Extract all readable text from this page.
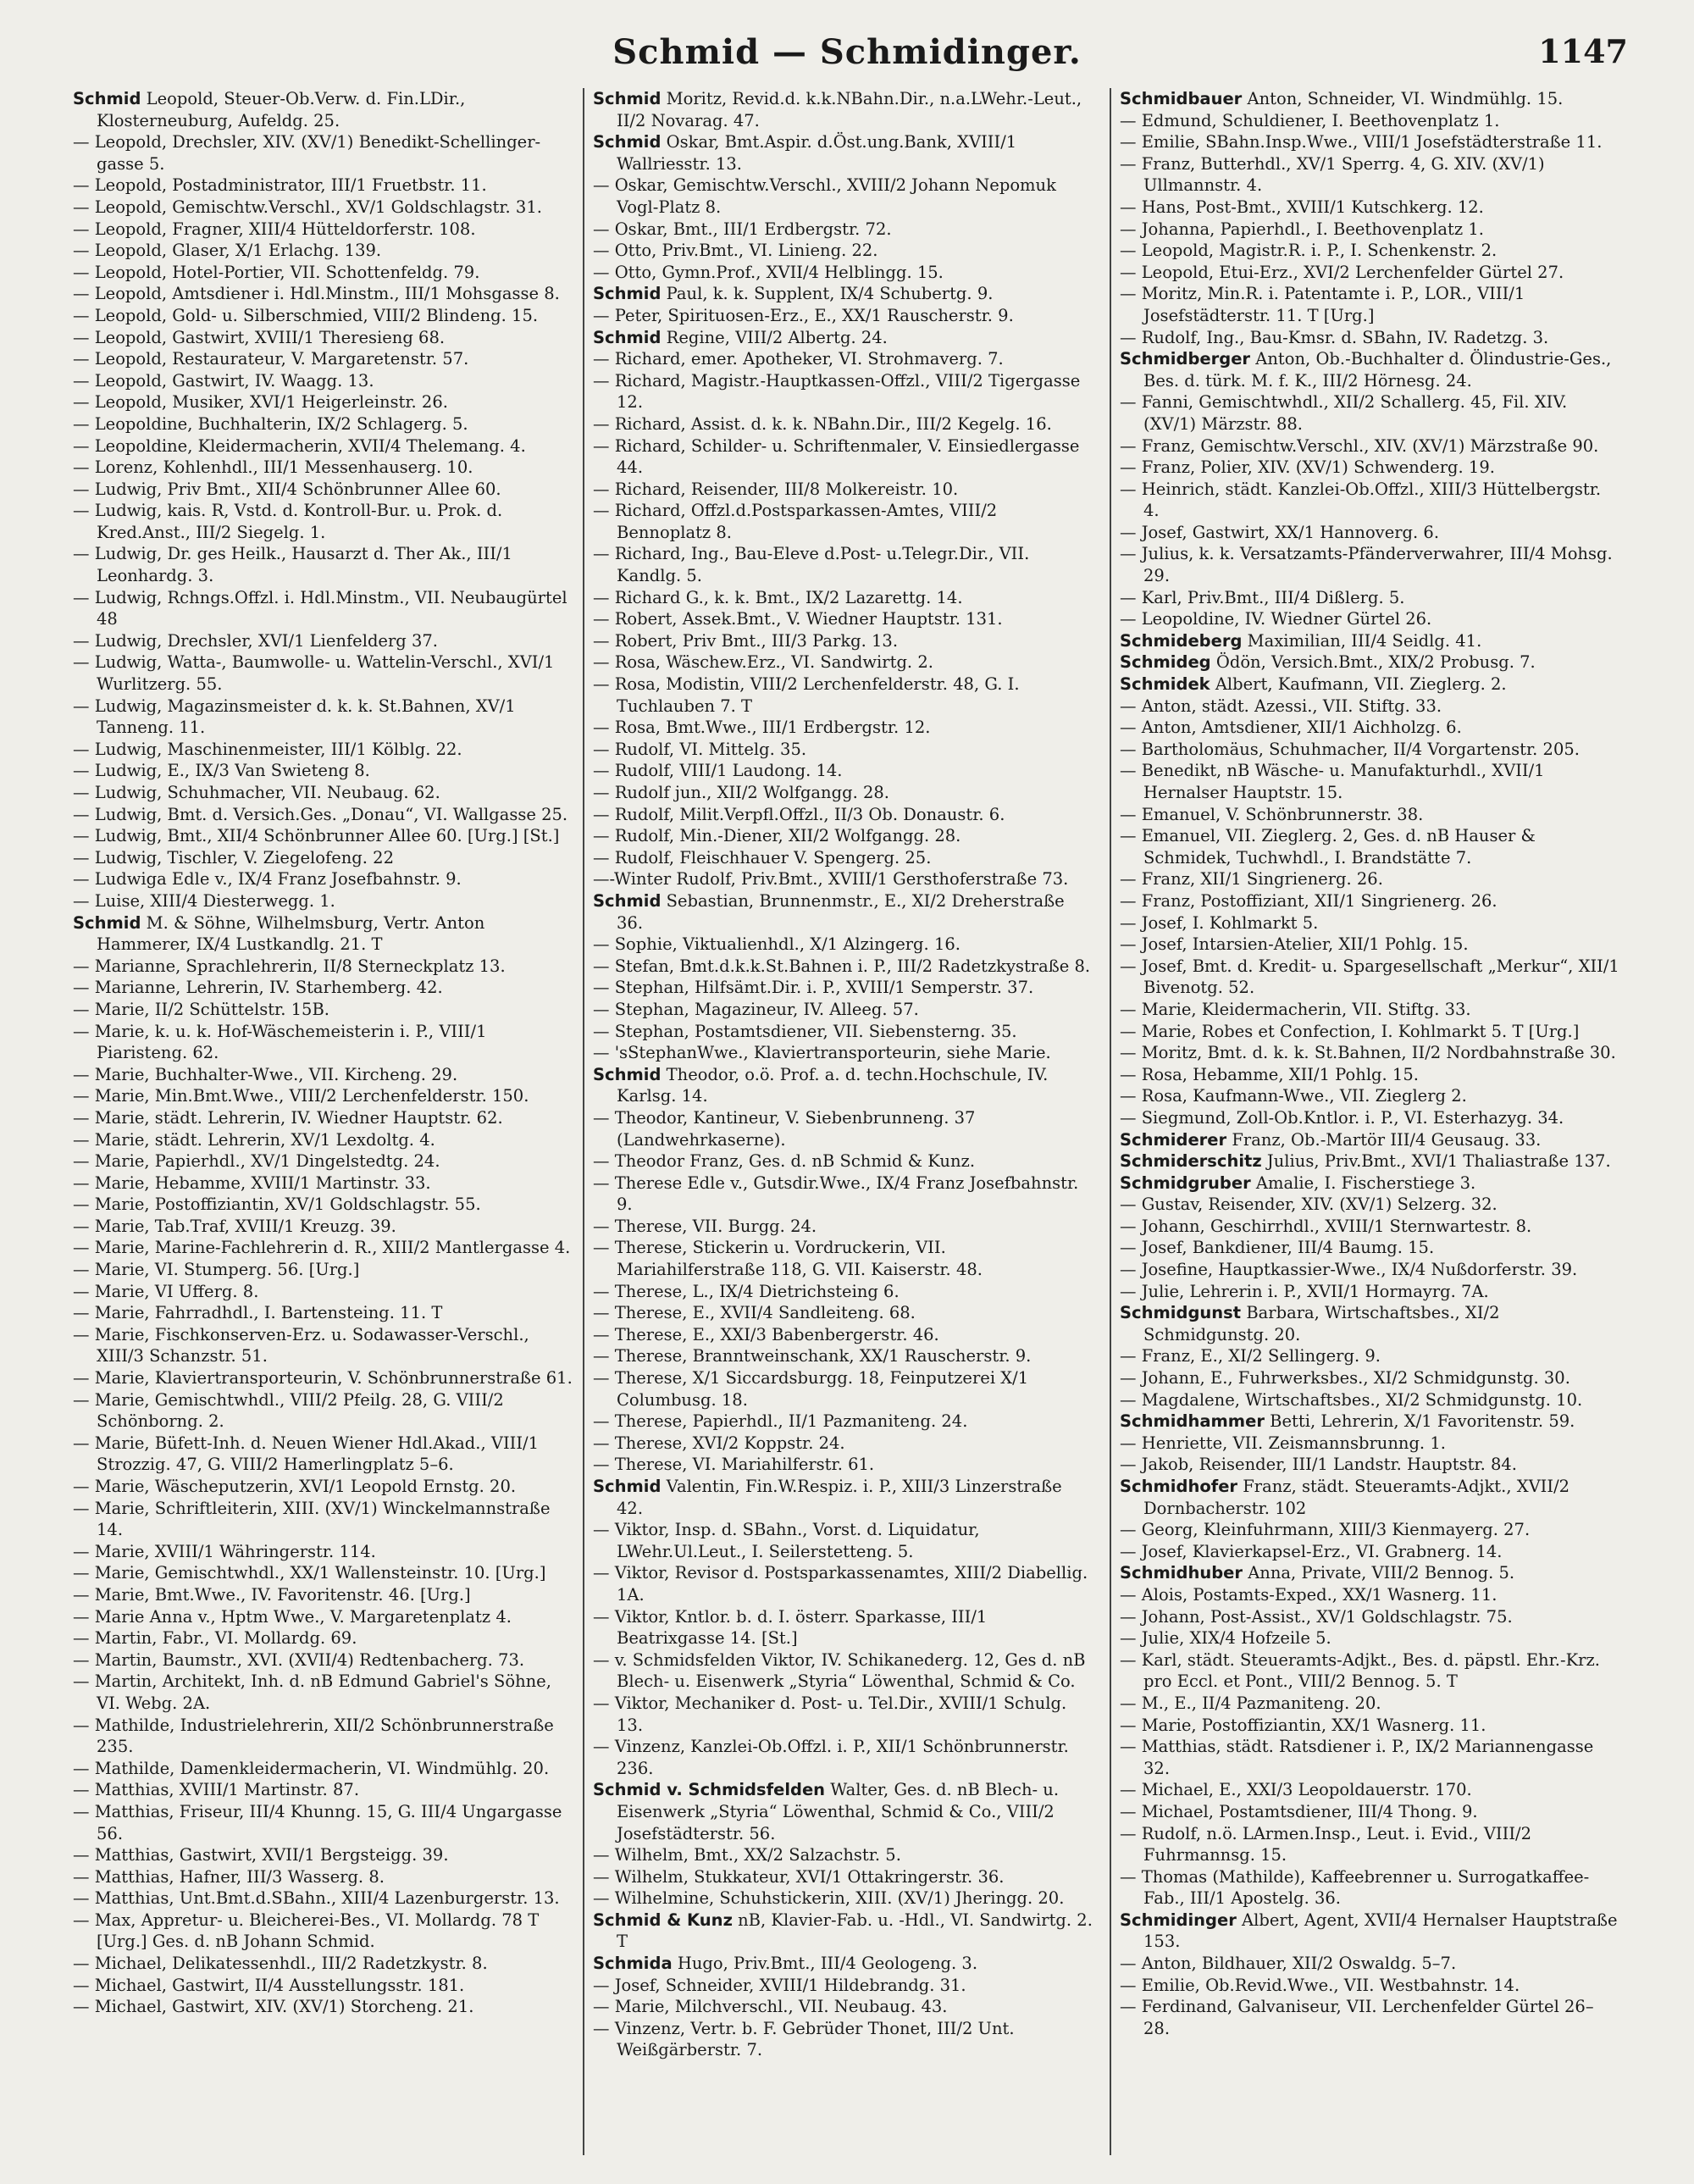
Schmid — Schmidinger.	1147

Schmid Leopold, Steuer-Ob.Verw. d. Fin.LDir., Klosterneuburg, Aufeldg. 25.

— Leopold, Drechsler, XIV. (XV/1) Benedikt-Schellinger-gasse 5.

— Leopold, Postadministrator, III/1 Fruetbstr. 11.

— Leopold, Gemischtw.Verschl., XV/1 Goldschlagstr. 31.

— Leopold, Fragner, XIII/4 Hütteldorferstr. 108.

— Leopold, Glaser, X/1 Erlachg. 139.

— Leopold, Hotel-Portier, VII. Schottenfeldg. 79.

— Leopold, Amtsdiener i. Hdl.Minstm., III/1 Mohsgasse 8.

— Leopold, Gold- u. Silberschmied, VIII/2 Blindeng. 15.

— Leopold, Gastwirt, XVIII/1 Theresieng 68.

— Leopold, Restaurateur, V. Margaretenstr. 57.

— Leopold, Gastwirt, IV. Waagg. 13.

— Leopold, Musiker, XVI/1 Heigerleinstr. 26.

— Leopoldine, Buchhalterin, IX/2 Schlagerg. 5.

— Leopoldine, Kleidermacherin, XVII/4 Thelemang. 4.

— Lorenz, Kohlenhdl., III/1 Messenhauserg. 10.

— Ludwig, Priv Bmt., XII/4 Schönbrunner Allee 60.

— Ludwig, kais. R, Vstd. d. Kontroll-Bur. u. Prok. d. Kred.Anst., III/2 Siegelg. 1.

— Ludwig, Dr. ges Heilk., Hausarzt d. Ther Ak., III/1 Leonhardg. 3.

— Ludwig, Rchngs.Offzl. i. Hdl.Minstm., VII. Neubaugürtel 48

— Ludwig, Drechsler, XVI/1 Lienfelderg 37.

— Ludwig, Watta-, Baumwolle- u. Wattelin-Verschl., XVI/1 Wurlitzerg. 55.

— Ludwig, Magazinsmeister d. k. k. St.Bahnen, XV/1 Tanneng. 11.

— Ludwig, Maschinenmeister, III/1 Kölblg. 22.

— Ludwig, E., IX/3 Van Swieteng 8.

— Ludwig, Schuhmacher, VII. Neubaug. 62.

— Ludwig, Bmt. d. Versich.Ges. „Donau“, VI. Wallgasse 25.

— Ludwig, Bmt., XII/4 Schönbrunner Allee 60. [Urg.] [St.]

— Ludwig, Tischler, V. Ziegelofeng. 22

— Ludwiga Edle v., IX/4 Franz Josefbahnstr. 9.

— Luise, XIII/4 Diesterwegg. 1.

Schmid M. & Söhne, Wilhelmsburg, Vertr. Anton Hammerer, IX/4 Lustkandlg. 21. T

— Marianne, Sprachlehrerin, II/8 Sterneckplatz 13.

— Marianne, Lehrerin, IV. Starhemberg. 42.

— Marie, II/2 Schüttelstr. 15B.

— Marie, k. u. k. Hof-Wäschemeisterin i. P., VIII/1 Piaristeng. 62.

— Marie, Buchhalter-Wwe., VII. Kircheng. 29.

— Marie, Min.Bmt.Wwe., VIII/2 Lerchenfelderstr. 150.

— Marie, städt. Lehrerin, IV. Wiedner Hauptstr. 62.

— Marie, städt. Lehrerin, XV/1 Lexdoltg. 4.

— Marie, Papierhdl., XV/1 Dingelstedtg. 24.

— Marie, Hebamme, XVIII/1 Martinstr. 33.

— Marie, Postoffiziantin, XV/1 Goldschlagstr. 55.

— Marie, Tab.Traf, XVIII/1 Kreuzg. 39.

— Marie, Marine-Fachlehrerin d. R., XIII/2 Mantlergasse 4.

— Marie, VI. Stumperg. 56. [Urg.]

— Marie, VI Ufferg. 8.

— Marie, Fahrradhdl., I. Bartensteing. 11. T

— Marie, Fischkonserven-Erz. u. Sodawasser-Verschl., XIII/3 Schanzstr. 51.

— Marie, Klaviertransporteurin, V. Schönbrunnerstraße 61.

— Marie, Gemischtwhdl., VIII/2 Pfeilg. 28, G. VIII/2 Schönborng. 2.

— Marie, Büfett-Inh. d. Neuen Wiener Hdl.Akad., VIII/1 Strozzig. 47, G. VIII/2 Hamerlingplatz 5–6.

— Marie, Wäscheputzerin, XVI/1 Leopold Ernstg. 20.

— Marie, Schriftleiterin, XIII. (XV/1) Winckelmannstraße 14.

— Marie, XVIII/1 Währingerstr. 114.

— Marie, Gemischtwhdl., XX/1 Wallensteinstr. 10. [Urg.]

— Marie, Bmt.Wwe., IV. Favoritenstr. 46. [Urg.]

— Marie Anna v., Hptm Wwe., V. Margaretenplatz 4.

— Martin, Fabr., VI. Mollardg. 69.

— Martin, Baumstr., XVI. (XVII/4) Redtenbacherg. 73.

— Martin, Architekt, Inh. d. nB Edmund Gabriel's Söhne, VI. Webg. 2A.

— Mathilde, Industrielehrerin, XII/2 Schönbrunnerstraße 235.

— Mathilde, Damenkleidermacherin, VI. Windmühlg. 20.

— Matthias, XVIII/1 Martinstr. 87.

— Matthias, Friseur, III/4 Khunng. 15, G. III/4 Ungargasse 56.

— Matthias, Gastwirt, XVII/1 Bergsteigg. 39.

— Matthias, Hafner, III/3 Wasserg. 8.

— Matthias, Unt.Bmt.d.SBahn., XIII/4 Lazenburgerstr. 13.

— Max, Appretur- u. Bleicherei-Bes., VI. Mollardg. 78 T [Urg.] Ges. d. nB Johann Schmid.

— Michael, Delikatessenhdl., III/2 Radetzkystr. 8.

— Michael, Gastwirt, II/4 Ausstellungsstr. 181.

— Michael, Gastwirt, XIV. (XV/1) Storcheng. 21.

Schmid Moritz, Revid.d. k.k.NBahn.Dir., n.a.LWehr.-Leut., II/2 Novarag. 47.

Schmid Oskar, Bmt.Aspir. d.Öst.ung.Bank, XVIII/1 Wallriesstr. 13.

— Oskar, Gemischtw.Verschl., XVIII/2 Johann Nepomuk Vogl-Platz 8.

— Oskar, Bmt., III/1 Erdbergstr. 72.

— Otto, Priv.Bmt., VI. Linieng. 22.

— Otto, Gymn.Prof., XVII/4 Helblingg. 15.

Schmid Paul, k. k. Supplent, IX/4 Schubertg. 9.

— Peter, Spirituosen-Erz., E., XX/1 Rauscherstr. 9.

Schmid Regine, VIII/2 Albertg. 24.

— Richard, emer. Apotheker, VI. Strohmaverg. 7.

— Richard, Magistr.-Hauptkassen-Offzl., VIII/2 Tigergasse 12.

— Richard, Assist. d. k. k. NBahn.Dir., III/2 Kegelg. 16.

— Richard, Schilder- u. Schriftenmaler, V. Einsiedlergasse 44.

— Richard, Reisender, III/8 Molkereistr. 10.

— Richard, Offzl.d.Postsparkassen-Amtes, VIII/2 Bennoplatz 8.

— Richard, Ing., Bau-Eleve d.Post- u.Telegr.Dir., VII. Kandlg. 5.

— Richard G., k. k. Bmt., IX/2 Lazarettg. 14.

— Robert, Assek.Bmt., V. Wiedner Hauptstr. 131.

— Robert, Priv Bmt., III/3 Parkg. 13.

— Rosa, Wäschew.Erz., VI. Sandwirtg. 2.

— Rosa, Modistin, VIII/2 Lerchenfelderstr. 48, G. I. Tuchlauben 7. T

— Rosa, Bmt.Wwe., III/1 Erdbergstr. 12.

— Rudolf, VI. Mittelg. 35.

— Rudolf, VIII/1 Laudong. 14.

— Rudolf jun., XII/2 Wolfgangg. 28.

— Rudolf, Milit.Verpfl.Offzl., II/3 Ob. Donaustr. 6.

— Rudolf, Min.-Diener, XII/2 Wolfgangg. 28.

— Rudolf, Fleischhauer V. Spengerg. 25.

—-Winter Rudolf, Priv.Bmt., XVIII/1 Gersthoferstraße 73.

Schmid Sebastian, Brunnenmstr., E., XI/2 Dreherstraße 36.

— Sophie, Viktualienhdl., X/1 Alzingerg. 16.

— Stefan, Bmt.d.k.k.St.Bahnen i. P., III/2 Radetzkystraße 8.

— Stephan, Hilfsämt.Dir. i. P., XVIII/1 Semperstr. 37.

— Stephan, Magazineur, IV. Alleeg. 57.

— Stephan, Postamtsdiener, VII. Siebensterng. 35.

— 'sStephanWwe., Klaviertransporteurin, siehe Marie.

Schmid Theodor, o.ö. Prof. a. d. techn.Hochschule, IV. Karlsg. 14.

— Theodor, Kantineur, V. Siebenbrunneng. 37 (Landwehrkaserne).

— Theodor Franz, Ges. d. nB Schmid & Kunz.

— Therese Edle v., Gutsdir.Wwe., IX/4 Franz Josefbahnstr. 9.

— Therese, VII. Burgg. 24.

— Therese, Stickerin u. Vordruckerin, VII. Mariahilferstraße 118, G. VII. Kaiserstr. 48.

— Therese, L., IX/4 Dietrichsteing 6.

— Therese, E., XVII/4 Sandleiteng. 68.

— Therese, E., XXI/3 Babenbergerstr. 46.

— Therese, Branntweinschank, XX/1 Rauscherstr. 9.

— Therese, X/1 Siccardsburgg. 18, Feinputzerei X/1 Columbusg. 18.

— Therese, Papierhdl., II/1 Pazmaniteng. 24.

— Therese, XVI/2 Koppstr. 24.

— Therese, VI. Mariahilferstr. 61.

Schmid Valentin, Fin.W.Respiz. i. P., XIII/3 Linzerstraße 42.

— Viktor, Insp. d. SBahn., Vorst. d. Liquidatur, LWehr.Ul.Leut., I. Seilerstetteng. 5.

— Viktor, Revisor d. Postsparkassenamtes, XIII/2 Diabellig. 1A.

— Viktor, Kntlor. b. d. I. österr. Sparkasse, III/1 Beatrixgasse 14. [St.]

— v. Schmidsfelden Viktor, IV. Schikanederg. 12, Ges d. nB Blech- u. Eisenwerk „Styria“ Löwenthal, Schmid & Co.

— Viktor, Mechaniker d. Post- u. Tel.Dir., XVIII/1 Schulg. 13.

— Vinzenz, Kanzlei-Ob.Offzl. i. P., XII/1 Schönbrunnerstr. 236.

Schmid v. Schmidsfelden Walter, Ges. d. nB Blech- u. Eisenwerk „Styria“ Löwenthal, Schmid & Co., VIII/2 Josefstädterstr. 56.

— Wilhelm, Bmt., XX/2 Salzachstr. 5.

— Wilhelm, Stukkateur, XVI/1 Ottakringerstr. 36.

— Wilhelmine, Schuhstickerin, XIII. (XV/1) Jheringg. 20.

Schmid & Kunz nB, Klavier-Fab. u. -Hdl., VI. Sandwirtg. 2. T

Schmida Hugo, Priv.Bmt., III/4 Geologeng. 3.

— Josef, Schneider, XVIII/1 Hildebrandg. 31.

— Marie, Milchverschl., VII. Neubaug. 43.

— Vinzenz, Vertr. b. F. Gebrüder Thonet, III/2 Unt. Weißgärberstr. 7.

Schmidbauer Anton, Schneider, VI. Windmühlg. 15.

— Edmund, Schuldiener, I. Beethovenplatz 1.

— Emilie, SBahn.Insp.Wwe., VIII/1 Josefstädterstraße 11.

— Franz, Butterhdl., XV/1 Sperrg. 4, G. XIV. (XV/1) Ullmannstr. 4.

— Hans, Post-Bmt., XVIII/1 Kutschkerg. 12.

— Johanna, Papierhdl., I. Beethovenplatz 1.

— Leopold, Magistr.R. i. P., I. Schenkenstr. 2.

— Leopold, Etui-Erz., XVI/2 Lerchenfelder Gürtel 27.

— Moritz, Min.R. i. Patentamte i. P., LOR., VIII/1 Josefstädterstr. 11. T [Urg.]

— Rudolf, Ing., Bau-Kmsr. d. SBahn, IV. Radetzg. 3.

Schmidberger Anton, Ob.-Buchhalter d. Ölindustrie-Ges., Bes. d. türk. M. f. K., III/2 Hörnesg. 24.

— Fanni, Gemischtwhdl., XII/2 Schallerg. 45, Fil. XIV. (XV/1) Märzstr. 88.

— Franz, Gemischtw.Verschl., XIV. (XV/1) Märzstraße 90.

— Franz, Polier, XIV. (XV/1) Schwenderg. 19.

— Heinrich, städt. Kanzlei-Ob.Offzl., XIII/3 Hüttelbergstr. 4.

— Josef, Gastwirt, XX/1 Hannoverg. 6.

— Julius, k. k. Versatzamts-Pfänderverwahrer, III/4 Mohsg. 29.

— Karl, Priv.Bmt., III/4 Dißlerg. 5.

— Leopoldine, IV. Wiedner Gürtel 26.

Schmideberg Maximilian, III/4 Seidlg. 41.

Schmideg Ödön, Versich.Bmt., XIX/2 Probusg. 7.

Schmidek Albert, Kaufmann, VII. Zieglerg. 2.

— Anton, städt. Azessi., VII. Stiftg. 33.

— Anton, Amtsdiener, XII/1 Aichholzg. 6.

— Bartholomäus, Schuhmacher, II/4 Vorgartenstr. 205.

— Benedikt, nB Wäsche- u. Manufakturhdl., XVII/1 Hernalser Hauptstr. 15.

— Emanuel, V. Schönbrunnerstr. 38.

— Emanuel, VII. Zieglerg. 2, Ges. d. nB Hauser & Schmidek, Tuchwhdl., I. Brandstätte 7.

— Franz, XII/1 Singrienerg. 26.

— Franz, Postoffiziant, XII/1 Singrienerg. 26.

— Josef, I. Kohlmarkt 5.

— Josef, Intarsien-Atelier, XII/1 Pohlg. 15.

— Josef, Bmt. d. Kredit- u. Spargesellschaft „Merkur“, XII/1 Bivenotg. 52.

— Marie, Kleidermacherin, VII. Stiftg. 33.

— Marie, Robes et Confection, I. Kohlmarkt 5. T [Urg.]

— Moritz, Bmt. d. k. k. St.Bahnen, II/2 Nordbahnstraße 30.

— Rosa, Hebamme, XII/1 Pohlg. 15.

— Rosa, Kaufmann-Wwe., VII. Zieglerg 2.

— Siegmund, Zoll-Ob.Kntlor. i. P., VI. Esterhazyg. 34.

Schmiderer Franz, Ob.-Martör III/4 Geusaug. 33.

Schmiderschitz Julius, Priv.Bmt., XVI/1 Thaliastraße 137.

Schmidgruber Amalie, I. Fischerstiege 3.

— Gustav, Reisender, XIV. (XV/1) Selzerg. 32.

— Johann, Geschirrhdl., XVIII/1 Sternwartestr. 8.

— Josef, Bankdiener, III/4 Baumg. 15.

— Josefine, Hauptkassier-Wwe., IX/4 Nußdorferstr. 39.

— Julie, Lehrerin i. P., XVII/1 Hormayrg. 7A.

Schmidgunst Barbara, Wirtschaftsbes., XI/2 Schmidgunstg. 20.

— Franz, E., XI/2 Sellingerg. 9.

— Johann, E., Fuhrwerksbes., XI/2 Schmidgunstg. 30.

— Magdalene, Wirtschaftsbes., XI/2 Schmidgunstg. 10.

Schmidhammer Betti, Lehrerin, X/1 Favoritenstr. 59.

— Henriette, VII. Zeismannsbrunng. 1.

— Jakob, Reisender, III/1 Landstr. Hauptstr. 84.

Schmidhofer Franz, städt. Steueramts-Adjkt., XVII/2 Dornbacherstr. 102

— Georg, Kleinfuhrmann, XIII/3 Kienmayerg. 27.

— Josef, Klavierkapsel-Erz., VI. Grabnerg. 14.

Schmidhuber Anna, Private, VIII/2 Bennog. 5.

— Alois, Postamts-Exped., XX/1 Wasnerg. 11.

— Johann, Post-Assist., XV/1 Goldschlagstr. 75.

— Julie, XIX/4 Hofzeile 5.

— Karl, städt. Steueramts-Adjkt., Bes. d. päpstl. Ehr.-Krz. pro Eccl. et Pont., VIII/2 Bennog. 5. T

— M., E., II/4 Pazmaniteng. 20.

— Marie, Postoffiziantin, XX/1 Wasnerg. 11.

— Matthias, städt. Ratsdiener i. P., IX/2 Mariannengasse 32.

— Michael, E., XXI/3 Leopoldauerstr. 170.

— Michael, Postamtsdiener, III/4 Thong. 9.

— Rudolf, n.ö. LArmen.Insp., Leut. i. Evid., VIII/2 Fuhrmannsg. 15.

— Thomas (Mathilde), Kaffeebrenner u. Surrogatkaffee-Fab., III/1 Apostelg. 36.

Schmidinger Albert, Agent, XVII/4 Hernalser Hauptstraße 153.

— Anton, Bildhauer, XII/2 Oswaldg. 5–7.

— Emilie, Ob.Revid.Wwe., VII. Westbahnstr. 14.

— Ferdinand, Galvaniseur, VII. Lerchenfelder Gürtel 26–28.
